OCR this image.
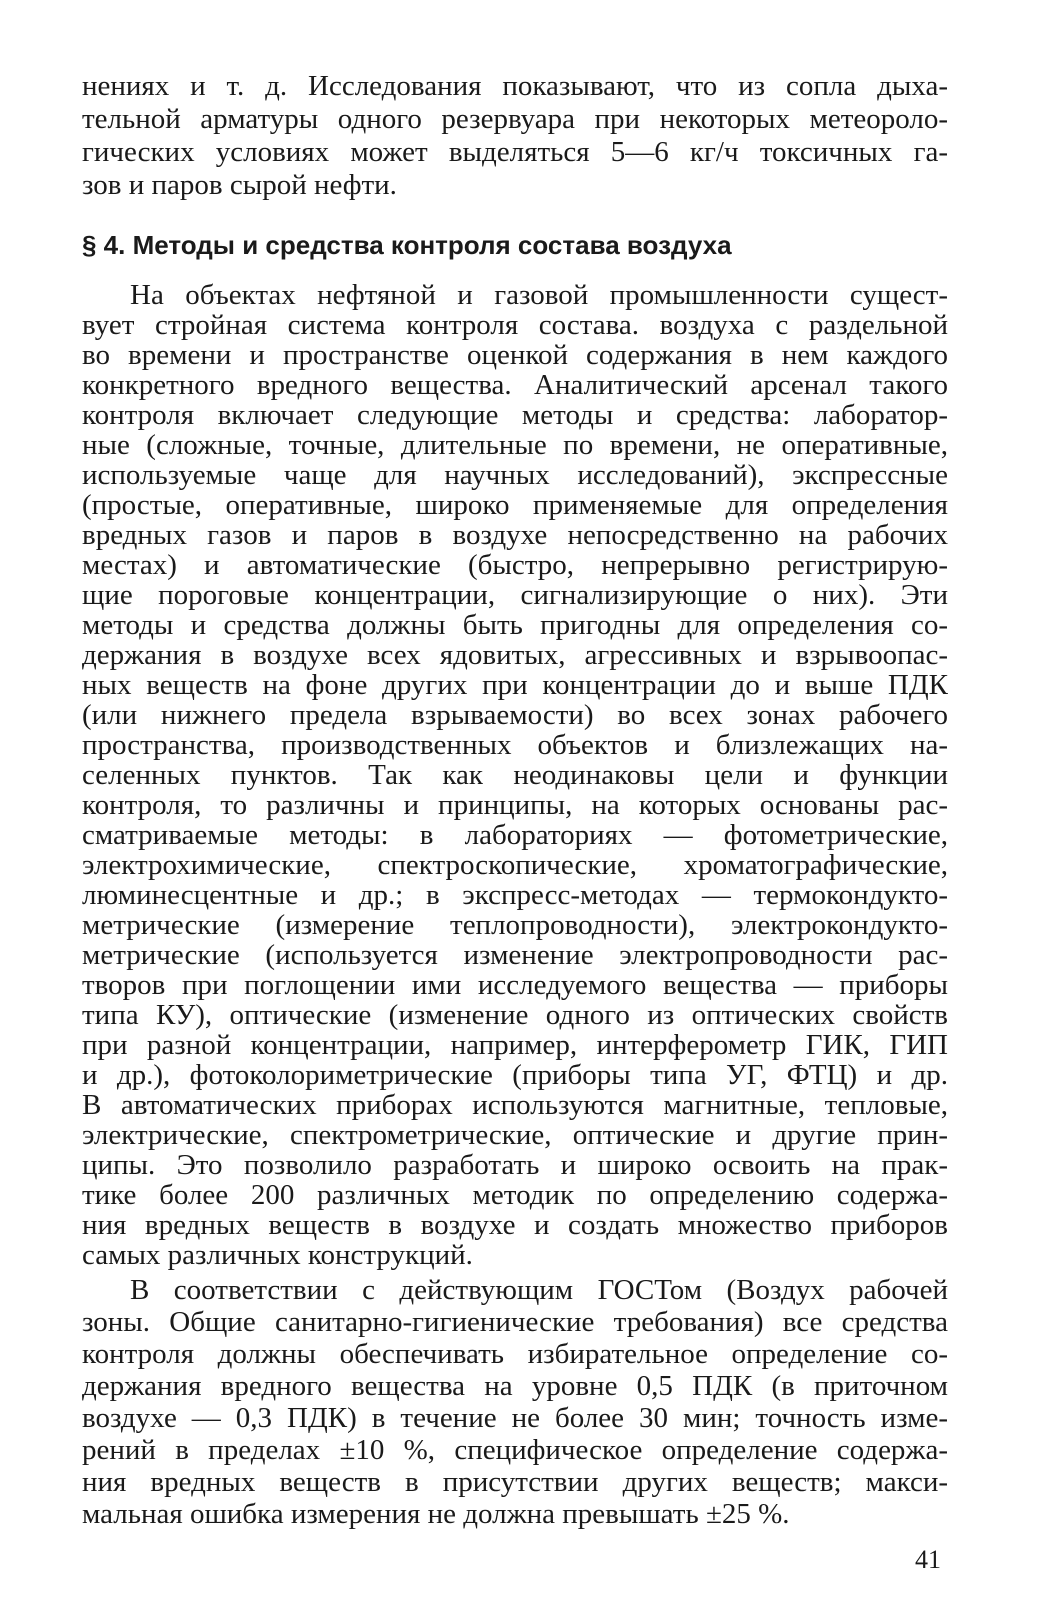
нениях и т. д. Исследования показывают, что из сопла дыха-
тельной арматуры одного резервуара при некоторых метеороло-
гических условиях может выделяться 5—6 кг/ч токсичных га-
зов и паров сырой нефти.
§ 4. Методы и средства контроля состава воздуха
На объектах нефтяной и газовой промышленности сущест-
вует стройная система контроля состава. воздуха с раздельной
во времени и пространстве оценкой содержания в нем каждого
конкретного вредного вещества. Аналитический арсенал такого
контроля включает следующие методы и средства: лаборатор-
ные (сложные, точные, длительные по времени, не оперативные,
используемые чаще для научных исследований), экспрессные
(простые, оперативные, широко применяемые для определения
вредных газов и паров в воздухе непосредственно на рабочих
местах) и автоматические (быстро, непрерывно регистрирую-
щие пороговые концентрации, сигнализирующие о них). Эти
методы и средства должны быть пригодны для определения со-
держания в воздухе всех ядовитых, агрессивных и взрывоопас-
ных веществ на фоне других при концентрации до и выше ПДК
(или нижнего предела взрываемости) во всех зонах рабочего
пространства, производственных объектов и близлежащих на-
селенных пунктов. Так как неодинаковы цели и функции
контроля, то различны и принципы, на которых основаны рас-
сматриваемые методы: в лабораториях — фотометрические,
электрохимические, спектроскопические, хроматографические,
люминесцентные и др.; в экспресс-методах — термокондукто-
метрические (измерение теплопроводности), электрокондукто-
метрические (используется изменение электропроводности рас-
творов при поглощении ими исследуемого вещества — приборы
типа КУ), оптические (изменение одного из оптических свойств
при разной концентрации, например, интерферометр ГИК, ГИП
и др.), фотоколориметрические (приборы типа УГ, ФТЦ) и др.
В автоматических приборах используются магнитные, тепловые,
электрические, спектрометрические, оптические и другие прин-
ципы. Это позволило разработать и широко освоить на прак-
тике более 200 различных методик по определению содержа-
ния вредных веществ в воздухе и создать множество приборов
самых различных конструкций.
В соответствии с действующим ГОСТом (Воздух рабочей
зоны. Общие санитарно-гигиенические требования) все средства
контроля должны обеспечивать избирательное определение со-
держания вредного вещества на уровне 0,5 ПДК (в приточном
воздухе — 0,3 ПДК) в течение не более 30 мин; точность изме-
рений в пределах ±10 %, специфическое определение содержа-
ния вредных веществ в присутствии других веществ; макси-
мальная ошибка измерения не должна превышать ±25 %.
41
